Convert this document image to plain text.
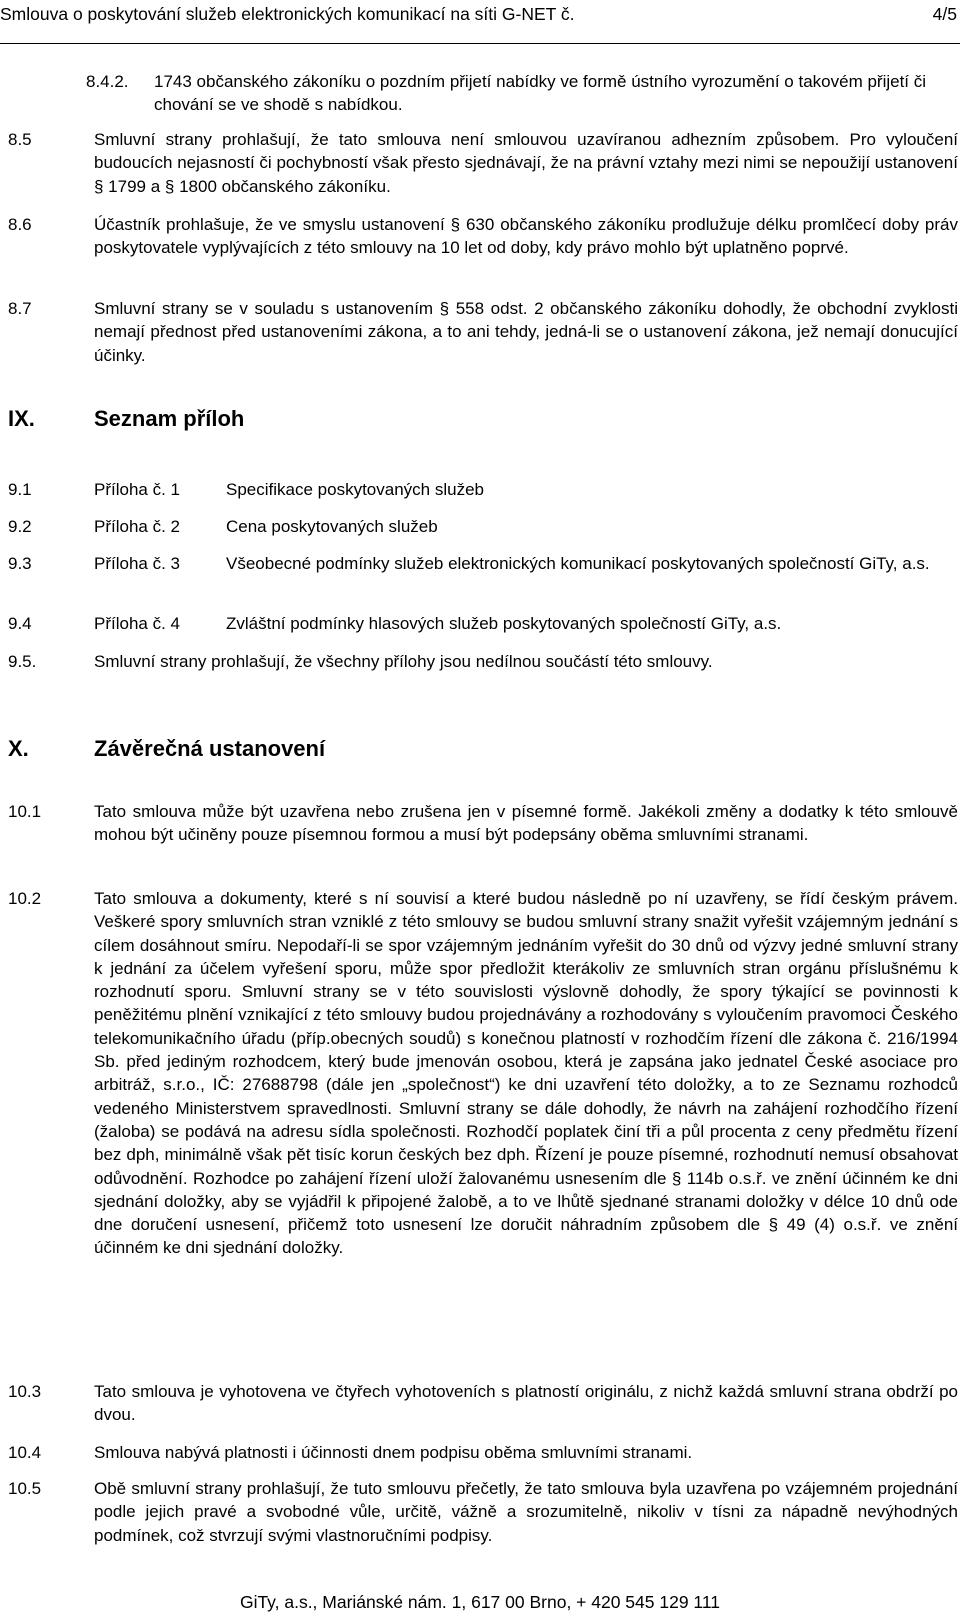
Smlouva o poskytování služeb elektronických komunikací na síti G-NET č.	4/5
8.4.2. 1743 občanského zákoníku o pozdním přijetí nabídky ve formě ústního vyrozumění o takovém přijetí či chování se ve shodě s nabídkou.
8.5	Smluvní strany prohlašují, že tato smlouva není smlouvou uzavíranou adhezním způsobem. Pro vyloučení budoucích nejasností či pochybností však přesto sjednávají, že na právní vztahy mezi nimi se nepoužijí ustanovení § 1799 a § 1800 občanského zákoníku.
8.6	Účastník prohlašuje, že ve smyslu ustanovení § 630 občanského zákoníku prodlužuje délku promlčecí doby práv poskytovatele vyplývajících z této smlouvy na 10 let od doby, kdy právo mohlo být uplatněno poprvé.
8.7	Smluvní strany se v souladu s ustanovením § 558 odst. 2 občanského zákoníku dohodly, že obchodní zvyklosti nemají přednost před ustanoveními zákona, a to ani tehdy, jedná-li se o ustanovení zákona, jež nemají donucující účinky.
IX.	Seznam příloh
9.1	Příloha č. 1	Specifikace poskytovaných služeb
9.2	Příloha č. 2	Cena poskytovaných služeb
9.3	Příloha č. 3	Všeobecné podmínky služeb elektronických komunikací poskytovaných společností GiTy, a.s.
9.4	Příloha č. 4	Zvláštní podmínky hlasových služeb poskytovaných společností GiTy, a.s.
9.5.	Smluvní strany prohlašují, že všechny přílohy jsou nedílnou součástí této smlouvy.
X.	Závěrečná ustanovení
10.1	Tato smlouva může být uzavřena nebo zrušena jen v písemné formě. Jakékoli změny a dodatky k této smlouvě mohou být učiněny pouze písemnou formou a musí být podepsány oběma smluvními stranami.
10.2	Tato smlouva a dokumenty, které s ní souvisí a které budou následně po ní uzavřeny, se řídí českým právem. Veškeré spory smluvních stran vzniklé z této smlouvy se budou smluvní strany snažit vyřešit vzájemným jednání s cílem dosáhnout smíru. Nepodaří-li se spor vzájemným jednáním vyřešit do 30 dnů od výzvy jedné smluvní strany k jednání za účelem vyřešení sporu, může spor předložit kterákoliv ze smluvních stran orgánu příslušnému k rozhodnutí sporu. Smluvní strany se v této souvislosti výslovně dohodly, že spory týkající se povinnosti k peněžitému plnění vznikající z této smlouvy budou projednávány a rozhodovány s vyloučením pravomoci Českého telekomunikačního úřadu (příp.obecných soudů) s konečnou platností v rozhodčím řízení dle zákona č. 216/1994 Sb. před jediným rozhodcem, který bude jmenován osobou, která je zapsána jako jednatel České asociace pro arbitráž, s.r.o., IČ: 27688798 (dále jen „společnost“) ke dni uzavření této doložky, a to ze Seznamu rozhodců vedeného Ministerstvem spravedlnosti. Smluvní strany se dále dohodly, že návrh na zahájení rozhodčího řízení (žaloba) se podává na adresu sídla společnosti. Rozhodčí poplatek činí tři a půl procenta z ceny předmětu řízení bez dph, minimálně však pět tisíc korun českých bez dph. Řízení je pouze písemné, rozhodnutí nemusí obsahovat odůvodnění. Rozhodce po zahájení řízení uloží žalovanému usnesením dle § 114b o.s.ř. ve znění účinném ke dni sjednání doložky, aby se vyjádřil k připojené žalobě, a to ve lhůtě sjednané stranami doložky v délce 10 dnů ode dne doručení usnesení, přičemž toto usnesení lze doručit náhradním způsobem dle § 49 (4) o.s.ř. ve znění účinném ke dni sjednání doložky.
10.3	Tato smlouva je vyhotovena ve čtyřech vyhotoveních s platností originálu, z nichž každá smluvní strana obdrží po dvou.
10.4	Smlouva nabývá platnosti i účinnosti dnem podpisu oběma smluvními stranami.
10.5	Obě smluvní strany prohlašují, že tuto smlouvu přečetly, že tato smlouva byla uzavřena po vzájemném projednání podle jejich pravé a svobodné vůle, určitě, vážně a srozumitelně, nikoliv v tísni za nápadně nevýhodných podmínek, což stvrzují svými vlastnoručními podpisy.
GiTy, a.s., Mariánské nám. 1, 617 00 Brno, + 420 545 129 111
